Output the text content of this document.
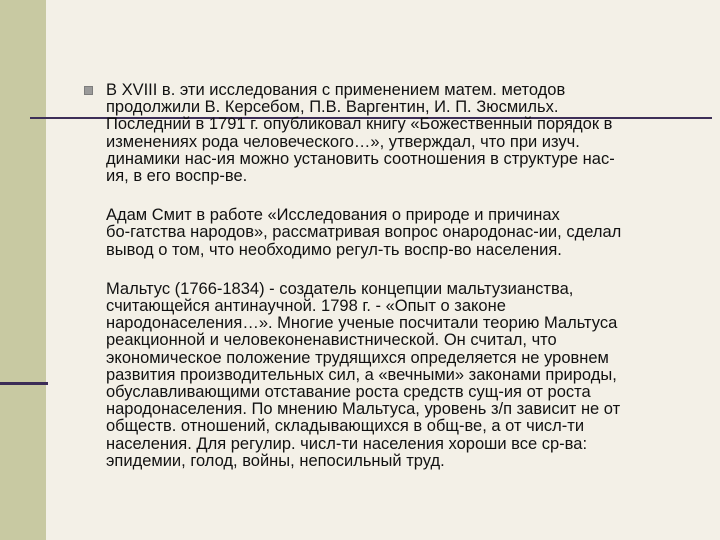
В XVIII в. эти исследования с применением матем. методов
продолжили В. Керсебом, П.В. Варгентин, И. П. Зюсмильх.
Последний в 1791 г. опубликовал книгу «Божественный порядок в
изменениях рода человеческого…», утверждал, что при изуч.
динамики нас-ия можно установить соотношения в структуре нас-
ия, в его воспр-ве.

Адам Смит в работе «Исследования о природе и причинах
бо-гатства народов», рассматривая вопрос онародонас-ии, сделал
вывод о том, что необходимо регул-ть воспр-во населения.

Мальтус (1766-1834) - создатель концепции мальтузианства,
считающейся антинаучной. 1798 г. - «Опыт о законе
народонаселения…». Многие ученые посчитали теорию Мальтуса
реакционной и человеконенавистнической. Он считал, что
экономическое положение трудящихся определяется не уровнем
развития производительных сил, а «вечными» законами природы,
обуславливающими отставание роста средств сущ-ия от роста
народонаселения. По мнению Мальтуса, уровень з/п зависит не от
обществ. отношений, складывающихся в общ-ве, а от числ-ти
населения. Для регулир. числ-ти населения хороши все ср-ва:
эпидемии, голод, войны, непосильный труд.
